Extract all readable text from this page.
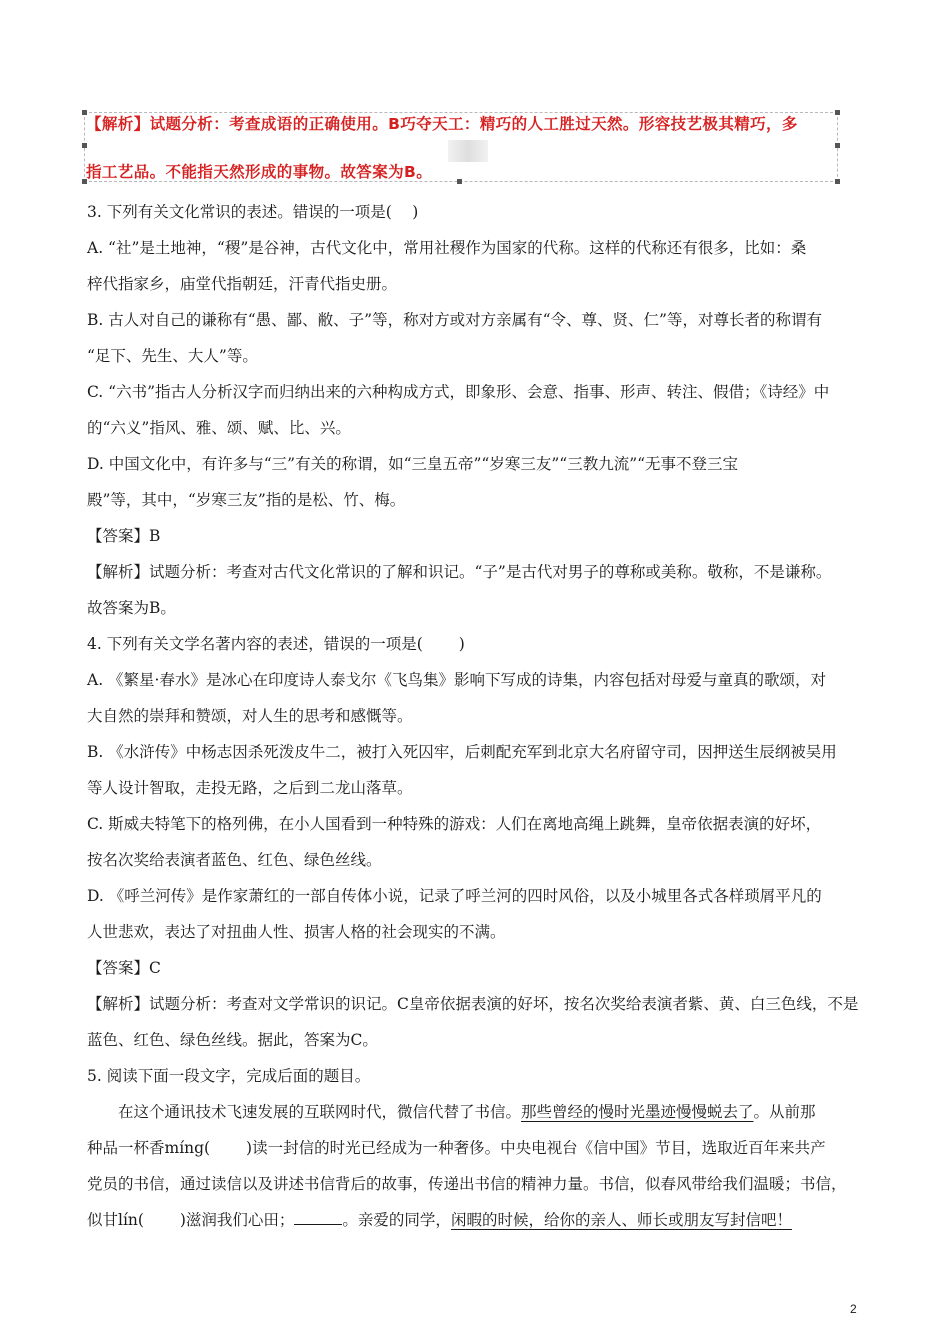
【解析】试题分析：考查成语的正确使用。B巧夺天工：精巧的人工胜过天然。形容技艺极其精巧，多
指工艺品。不能指天然形成的事物。故答案为B。
3. 下列有关文化常识的表述。错误的一项是(　 )
A. “社”是土地神，“稷”是谷神，古代文化中，常用社稷作为国家的代称。这样的代称还有很多，比如：桑
梓代指家乡，庙堂代指朝廷，汗青代指史册。
B. 古人对自己的谦称有“愚、鄙、敝、子”等，称对方或对方亲属有“令、尊、贤、仁”等，对尊长者的称谓有
“足下、先生、大人”等。
C. “六书”指古人分析汉字而归纳出来的六种构成方式，即象形、会意、指事、形声、转注、假借；《诗经》中
的“六义”指风、雅、颂、赋、比、兴。
D. 中国文化中，有许多与“三”有关的称谓，如“三皇五帝”“岁寒三友”“三教九流”“无事不登三宝
殿”等，其中，“岁寒三友”指的是松、竹、梅。
【答案】B
【解析】试题分析：考查对古代文化常识的了解和识记。“子”是古代对男子的尊称或美称。敬称，不是谦称。
故答案为B。
4. 下列有关文学名著内容的表述，错误的一项是(　　 )
A. 《繁星·春水》是冰心在印度诗人泰戈尔《飞鸟集》影响下写成的诗集，内容包括对母爱与童真的歌颂，对
大自然的崇拜和赞颂，对人生的思考和感慨等。
B. 《水浒传》中杨志因杀死泼皮牛二，被打入死囚牢，后刺配充军到北京大名府留守司，因押送生辰纲被吴用
等人设计智取，走投无路，之后到二龙山落草。
C. 斯威夫特笔下的格列佛，在小人国看到一种特殊的游戏：人们在离地高绳上跳舞，皇帝依据表演的好坏，
按名次奖给表演者蓝色、红色、绿色丝线。
D. 《呼兰河传》是作家萧红的一部自传体小说，记录了呼兰河的四时风俗，以及小城里各式各样琐屑平凡的
人世悲欢，表达了对扭曲人性、损害人格的社会现实的不满。
【答案】C
【解析】试题分析：考查对文学常识的识记。C皇帝依据表演的好坏，按名次奖给表演者紫、黄、白三色线，不是
蓝色、红色、绿色丝线。据此，答案为C。
5. 阅读下面一段文字，完成后面的题目。
　　在这个通讯技术飞速发展的互联网时代，微信代替了书信。那些曾经的慢时光墨迹慢慢蜕去了。从前那
种品一杯香míng(　　 )读一封信的时光已经成为一种奢侈。中央电视台《信中国》节目，选取近百年来共产
党员的书信，通过读信以及讲述书信背后的故事，传递出书信的精神力量。书信，似春风带给我们温暖；书信，
似甘lín(　　 )滋润我们心田；	。亲爱的同学，闲暇的时候，给你的亲人、师长或朋友写封信吧！
2
